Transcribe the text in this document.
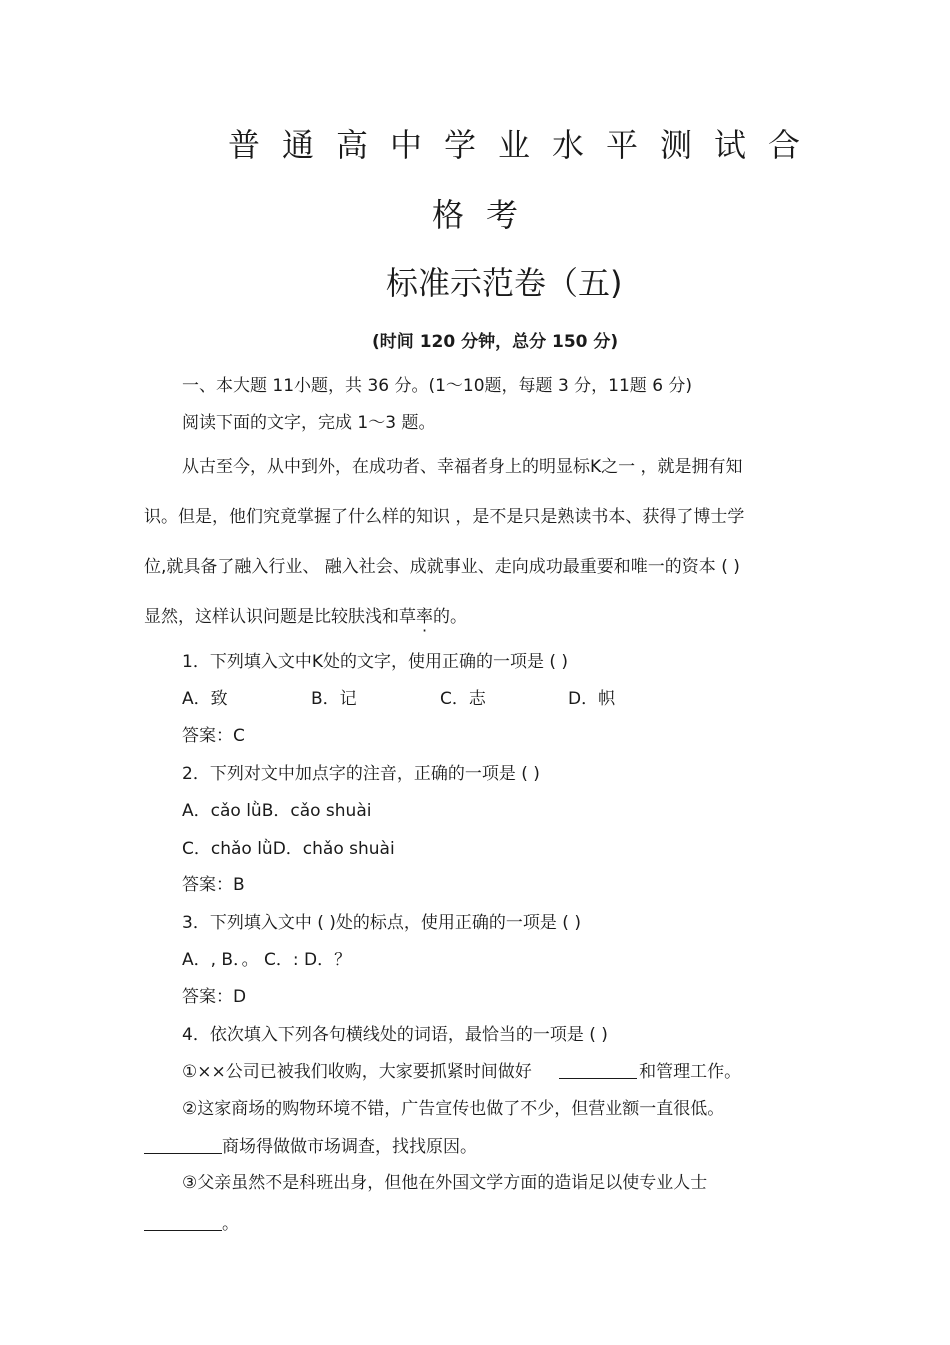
普通高中学业水平测试合
格考
标准示范卷（五)
(时间 120 分钟，总分 150 分)
一、本大题 11小题，共 36 分。(1～10题，每题 3 分，11题 6 分)
阅读下面的文字，完成 1～3 题。
从古至今，从中到外，在成功者、幸福者身上的明显标K之一 ，就是拥有知
识。但是，他们究竟掌握了什么样的知识 ，是不是只是熟读书本、获得了博士学
位,就具备了融入行业、 融入社会、成就事业、走向成功最重要和唯一的资本 ( )
显然，这样认识问题是比较肤浅和草率的。
1．下列填入文中K处的文字，使用正确的一项是 ( )
A．致	B．记	C．志	D．帜
答案：C
2．下列对文中加点字的注音，正确的一项是 ( )
A．cǎo lǜB．cǎo shuài
C．chǎo lǜD．chǎo shuài
答案：B
3．下列填入文中 ( )处的标点，使用正确的一项是 ( )
A．, B．。 C．: D．？
答案：D
4．依次填入下列各句横线处的词语，最恰当的一项是 ( )
①××公司已被我们收购，大家要抓紧时间做好	和管理工作。
②这家商场的购物环境不错，广告宣传也做了不少，但营业额一直很低。
商场得做做市场调查，找找原因。
③父亲虽然不是科班出身，但他在外国文学方面的造诣足以使专业人士
。
